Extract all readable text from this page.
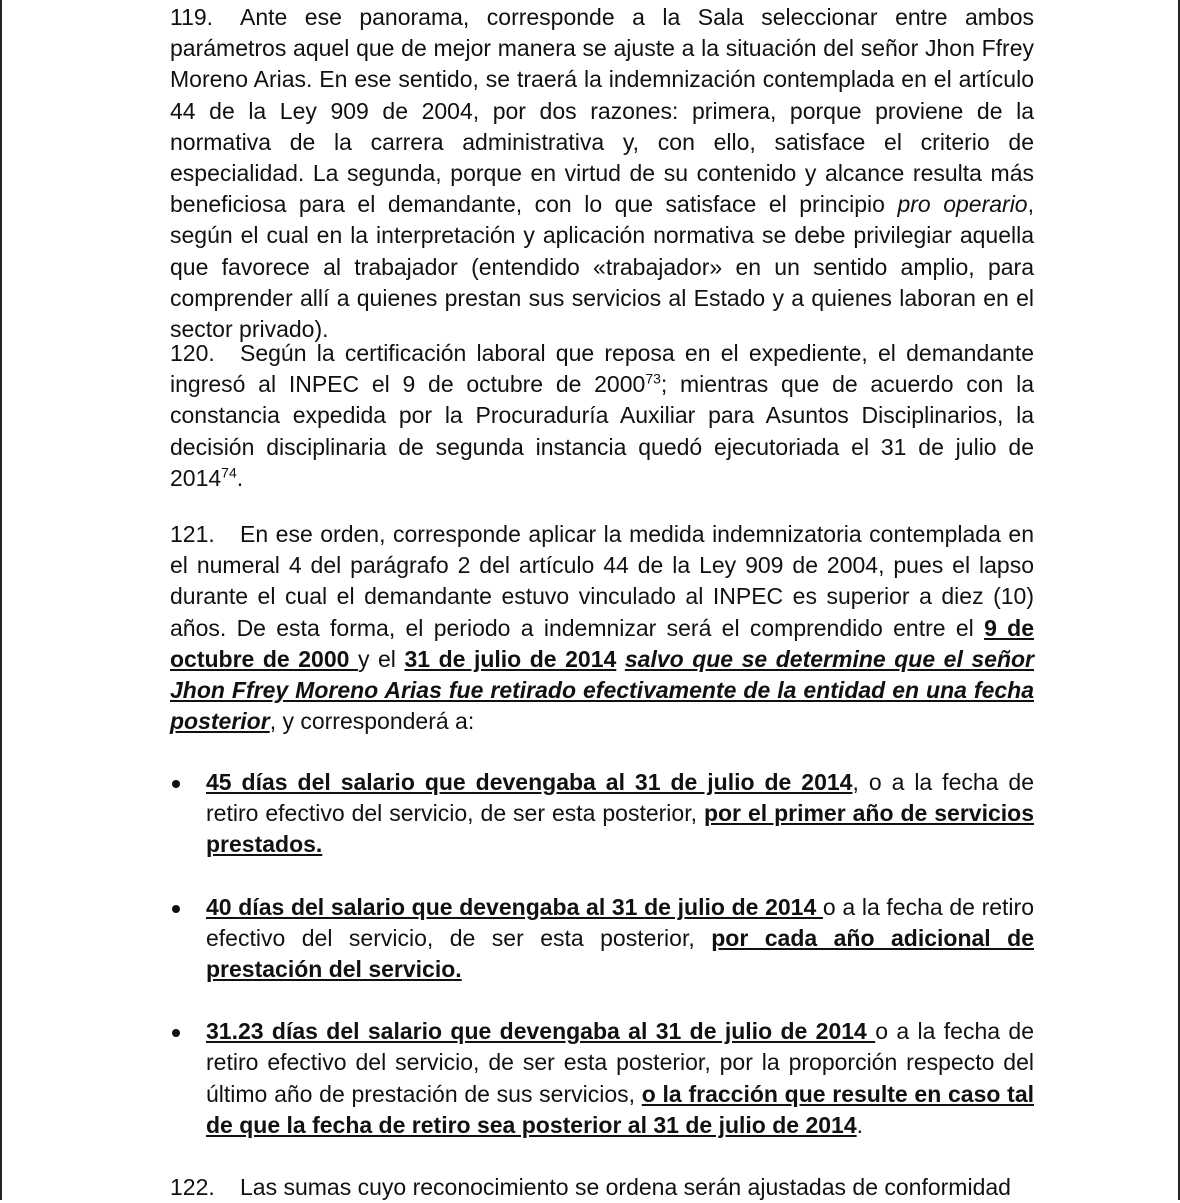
119. Ante ese panorama, corresponde a la Sala seleccionar entre ambos parámetros aquel que de mejor manera se ajuste a la situación del señor Jhon Ffrey Moreno Arias. En ese sentido, se traerá la indemnización contemplada en el artículo 44 de la Ley 909 de 2004, por dos razones: primera, porque proviene de la normativa de la carrera administrativa y, con ello, satisface el criterio de especialidad. La segunda, porque en virtud de su contenido y alcance resulta más beneficiosa para el demandante, con lo que satisface el principio pro operario, según el cual en la interpretación y aplicación normativa se debe privilegiar aquella que favorece al trabajador (entendido «trabajador» en un sentido amplio, para comprender allí a quienes prestan sus servicios al Estado y a quienes laboran en el sector privado).

120. Según la certificación laboral que reposa en el expediente, el demandante ingresó al INPEC el 9 de octubre de 2000$^{73}$; mientras que de acuerdo con la constancia expedida por la Procuraduría Auxiliar para Asuntos Disciplinarios, la decisión disciplinaria de segunda instancia quedó ejecutoriada el 31 de julio de 2014$^{74}$.

121. En ese orden, corresponde aplicar la medida indemnizatoria contemplada en el numeral 4 del parágrafo 2 del artículo 44 de la Ley 909 de 2004, pues el lapso durante el cual el demandante estuvo vinculado al INPEC es superior a diez (10) años. De esta forma, el periodo a indemnizar será el comprendido entre el 9 de octubre de 2000 y el 31 de julio de 2014 salvo que se determine que el señor Jhon Ffrey Moreno Arias fue retirado efectivamente de la entidad en una fecha posterior, y corresponderá a:

45 días del salario que devengaba al 31 de julio de 2014, o a la fecha de retiro efectivo del servicio, de ser esta posterior, por el primer año de servicios prestados.
40 días del salario que devengaba al 31 de julio de 2014 o a la fecha de retiro efectivo del servicio, de ser esta posterior, por cada año adicional de prestación del servicio.
31.23 días del salario que devengaba al 31 de julio de 2014 o a la fecha de retiro efectivo del servicio, de ser esta posterior, por la proporción respecto del último año de prestación de sus servicios, o la fracción que resulte en caso tal de que la fecha de retiro sea posterior al 31 de julio de 2014.

122. Las sumas cuyo reconocimiento se ordena serán ajustadas de conformidad
